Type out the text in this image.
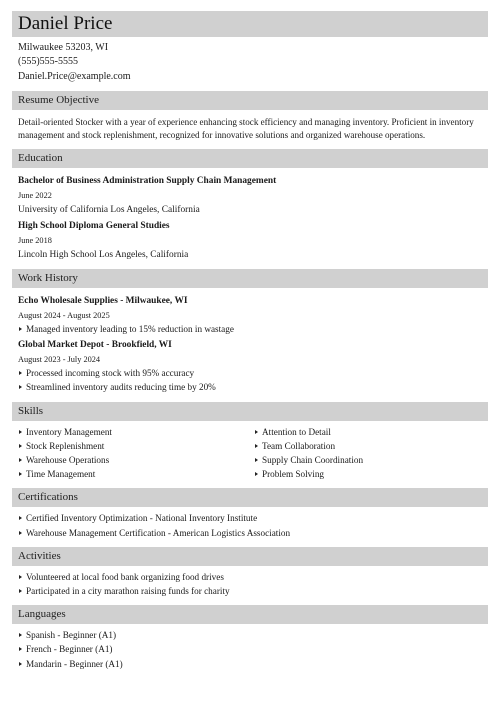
Daniel Price
Milwaukee 53203, WI
(555)555-5555
Daniel.Price@example.com
Resume Objective
Detail-oriented Stocker with a year of experience enhancing stock efficiency and managing inventory. Proficient in inventory management and stock replenishment, recognized for innovative solutions and organized warehouse operations.
Education
Bachelor of Business Administration Supply Chain Management
June 2022
University of California Los Angeles, California
High School Diploma General Studies
June 2018
Lincoln High School Los Angeles, California
Work History
Echo Wholesale Supplies - Milwaukee, WI
August 2024 - August 2025
Managed inventory leading to 15% reduction in wastage
Global Market Depot - Brookfield, WI
August 2023 - July 2024
Processed incoming stock with 95% accuracy
Streamlined inventory audits reducing time by 20%
Skills
Inventory Management
Stock Replenishment
Warehouse Operations
Time Management
Attention to Detail
Team Collaboration
Supply Chain Coordination
Problem Solving
Certifications
Certified Inventory Optimization - National Inventory Institute
Warehouse Management Certification - American Logistics Association
Activities
Volunteered at local food bank organizing food drives
Participated in a city marathon raising funds for charity
Languages
Spanish - Beginner (A1)
French - Beginner (A1)
Mandarin - Beginner (A1)
